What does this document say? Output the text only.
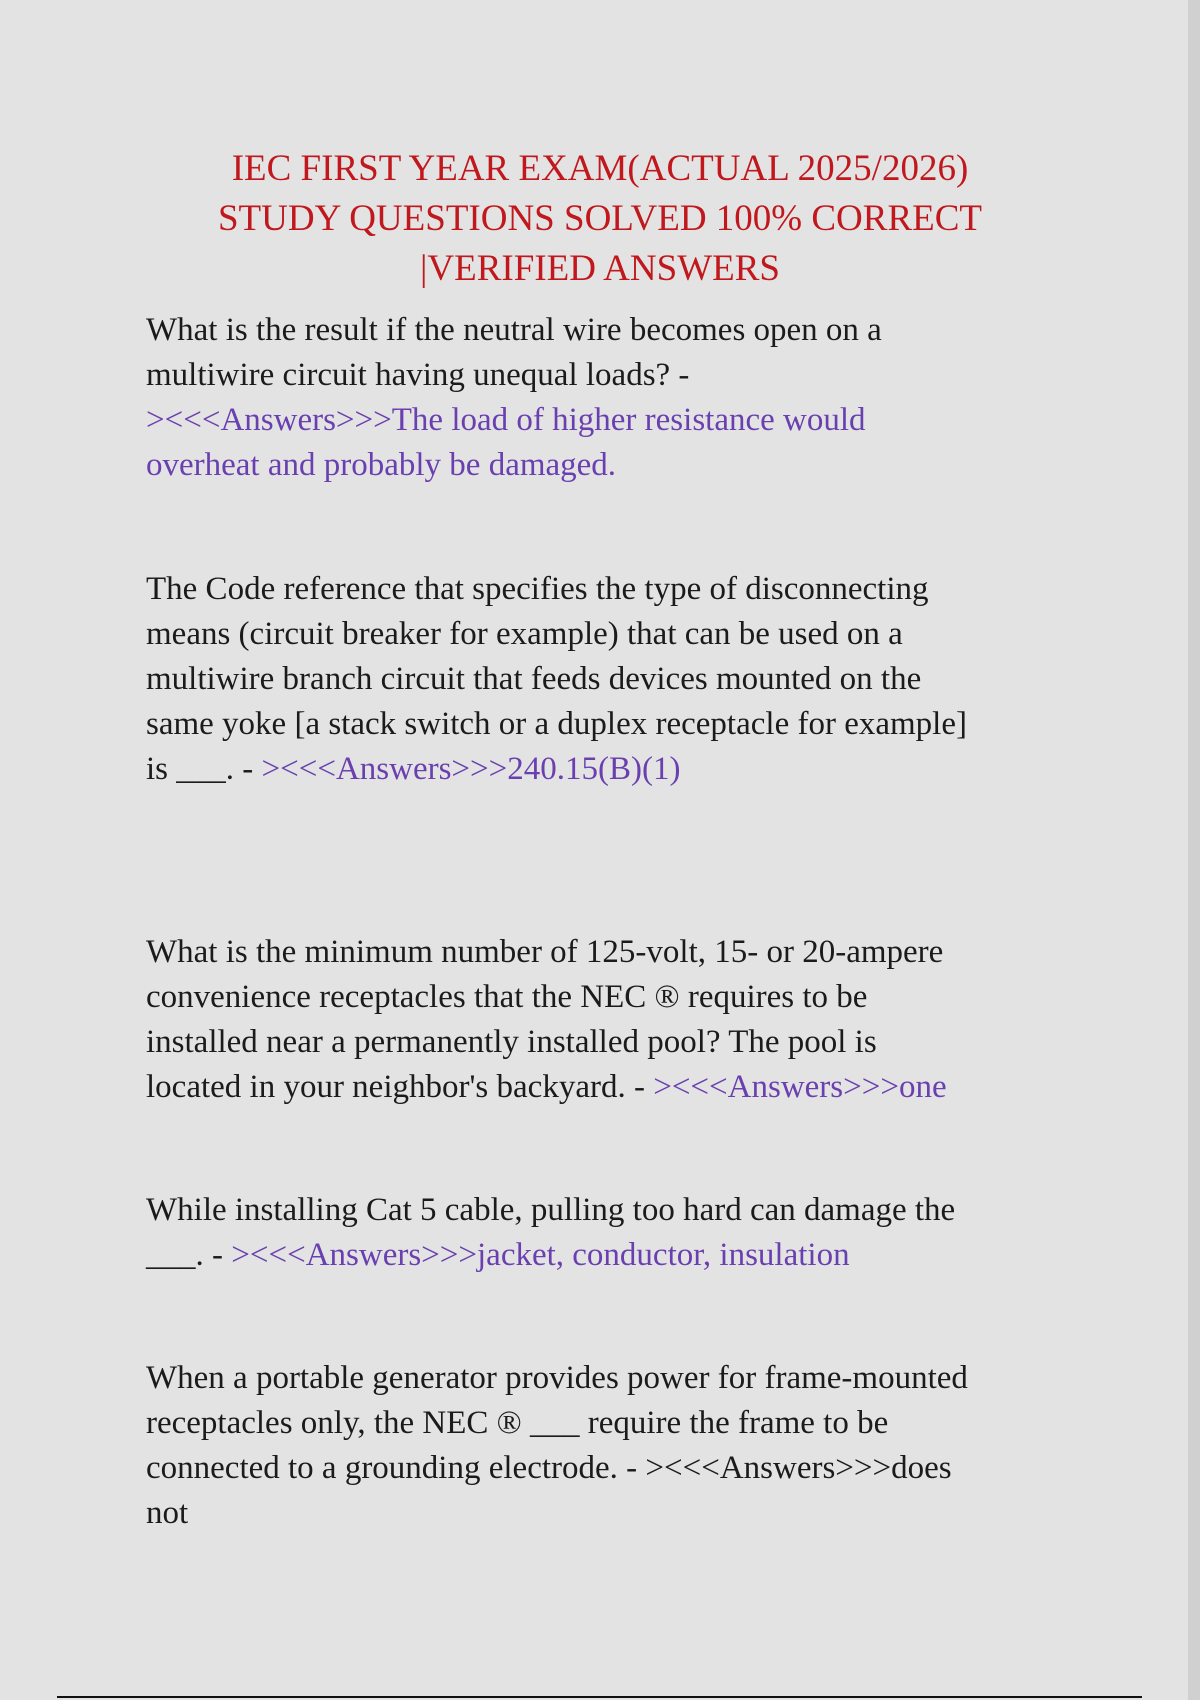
IEC FIRST YEAR EXAM(ACTUAL 2025/2026)
STUDY QUESTIONS SOLVED 100% CORRECT
|VERIFIED ANSWERS
What is the result if the neutral wire becomes open on a
multiwire circuit having unequal loads? -
><<<Answers>>>The load of higher resistance would
overheat and probably be damaged.
The Code reference that specifies the type of disconnecting
means (circuit breaker for example) that can be used on a
multiwire branch circuit that feeds devices mounted on the
same yoke [a stack switch or a duplex receptacle for example]
is ___. - ><<<Answers>>>240.15(B)(1)
What is the minimum number of 125-volt, 15- or 20-ampere
convenience receptacles that the NEC ® requires to be
installed near a permanently installed pool? The pool is
located in your neighbor's backyard. - ><<<Answers>>>one
While installing Cat 5 cable, pulling too hard can damage the
___. - ><<<Answers>>>jacket, conductor, insulation
When a portable generator provides power for frame-mounted
receptacles only, the NEC ® ___ require the frame to be
connected to a grounding electrode. - ><<<Answers>>>does
not
